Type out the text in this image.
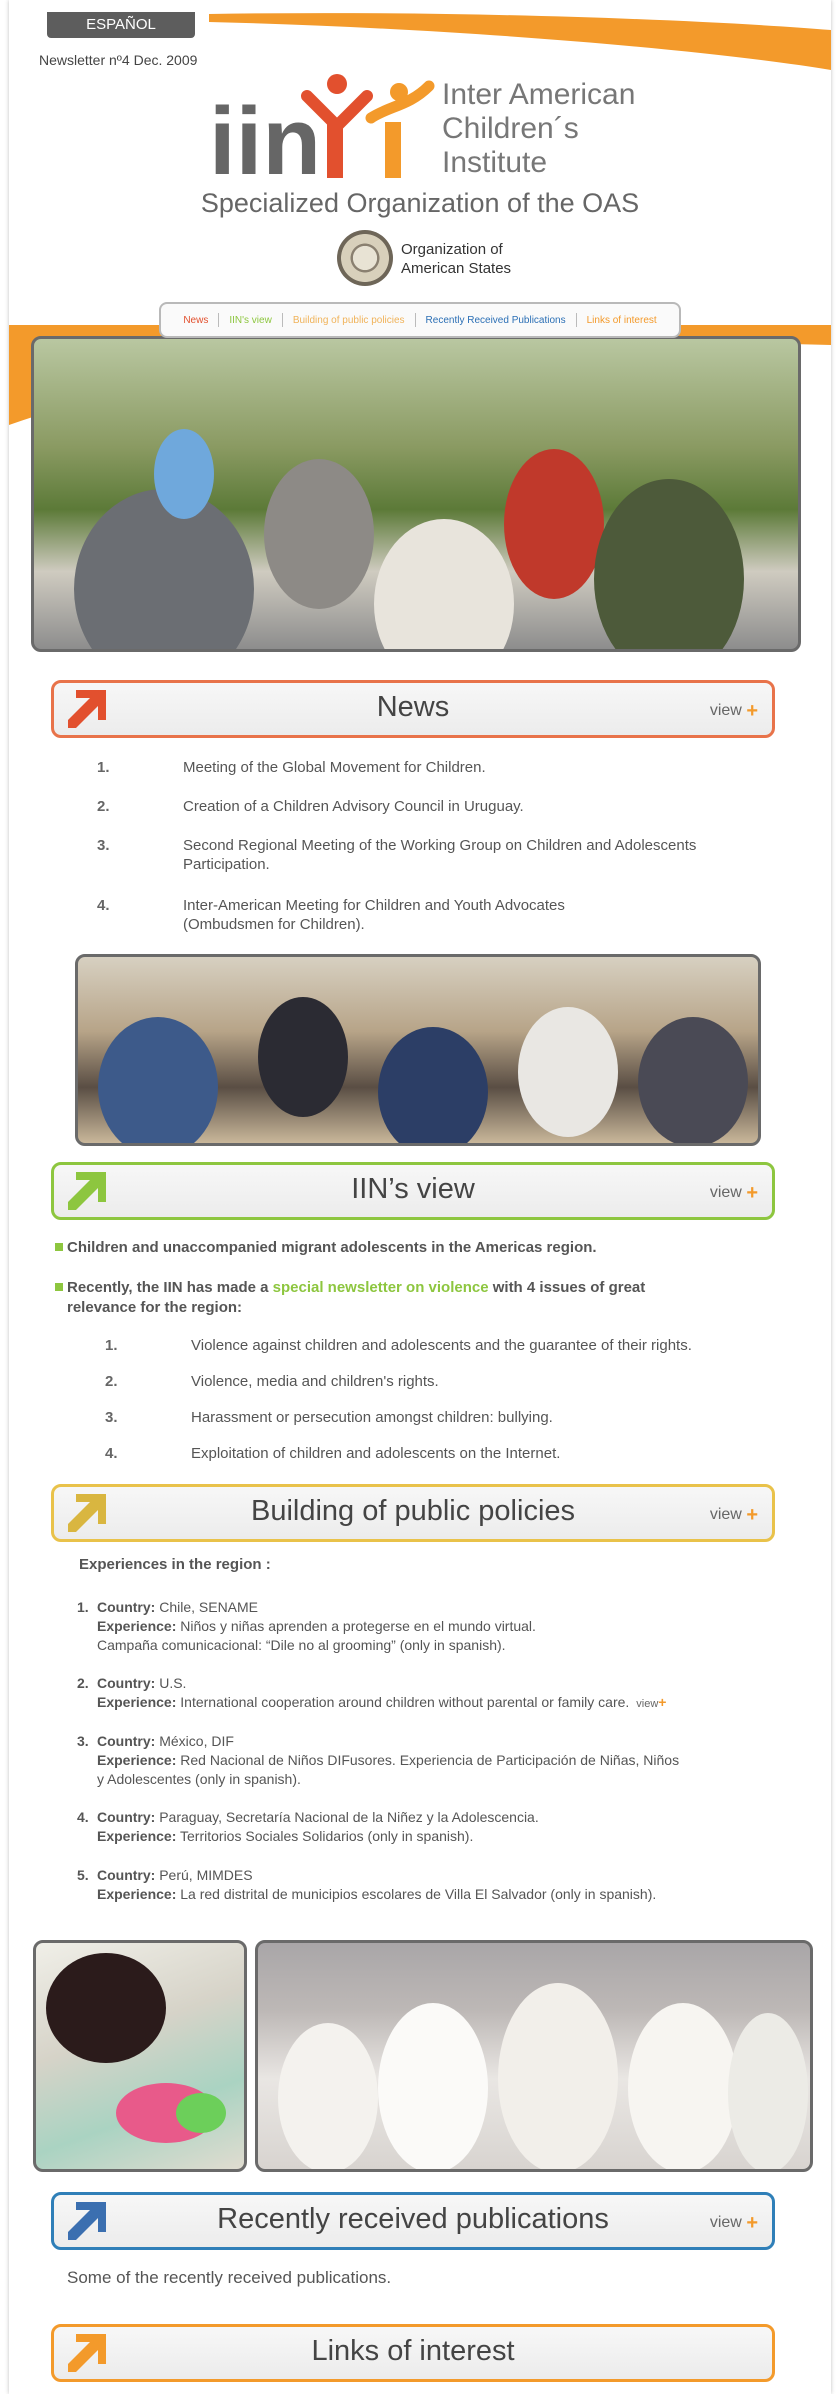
ESPAÑOL
Newsletter nº4 Dec. 2009
iin	Inter American
Children´s
Institute
Specialized Organization of the OAS
Organization of
American States
News	IIN's view	Building of public policies	Recently Received Publications	Links of interest
News	view +
1.	Meeting of the Global Movement for Children.
2.	Creation of a Children Advisory Council in Uruguay.
3.	Second Regional Meeting of the Working Group on Children and Adolescents
Participation.
4.	Inter-American Meeting for Children and Youth Advocates
(Ombudsmen for Children).
IIN’s view	view +
Children and unaccompanied migrant adolescents in the Americas region.
Recently, the IIN has made a special newsletter on violence with 4 issues of great
relevance for the region:
1.	Violence against children and adolescents and the guarantee of their rights.
2.	Violence, media and children's rights.
3.	Harassment or persecution amongst children: bullying.
4.	Exploitation of children and adolescents on the Internet.
Building of public policies	view +
Experiences in the region :
1. Country: Chile, SENAME
Experience: Niños y niñas aprenden a protegerse en el mundo virtual.
Campaña comunicacional: “Dile no al grooming” (only in spanish).
2. Country: U.S.
Experience: International cooperation around children without parental or family care. view+
3. Country: México, DIF
Experience: Red Nacional de Niños DIFusores. Experiencia de Participación de Niñas, Niños
y Adolescentes (only in spanish).
4. Country: Paraguay, Secretaría Nacional de la Niñez y la Adolescencia.
Experience: Territorios Sociales Solidarios (only in spanish).
5. Country: Perú, MIMDES
Experience: La red distrital de municipios escolares de Villa El Salvador (only in spanish).
Recently received publications	view +
Some of the recently received publications.
Links of interest
